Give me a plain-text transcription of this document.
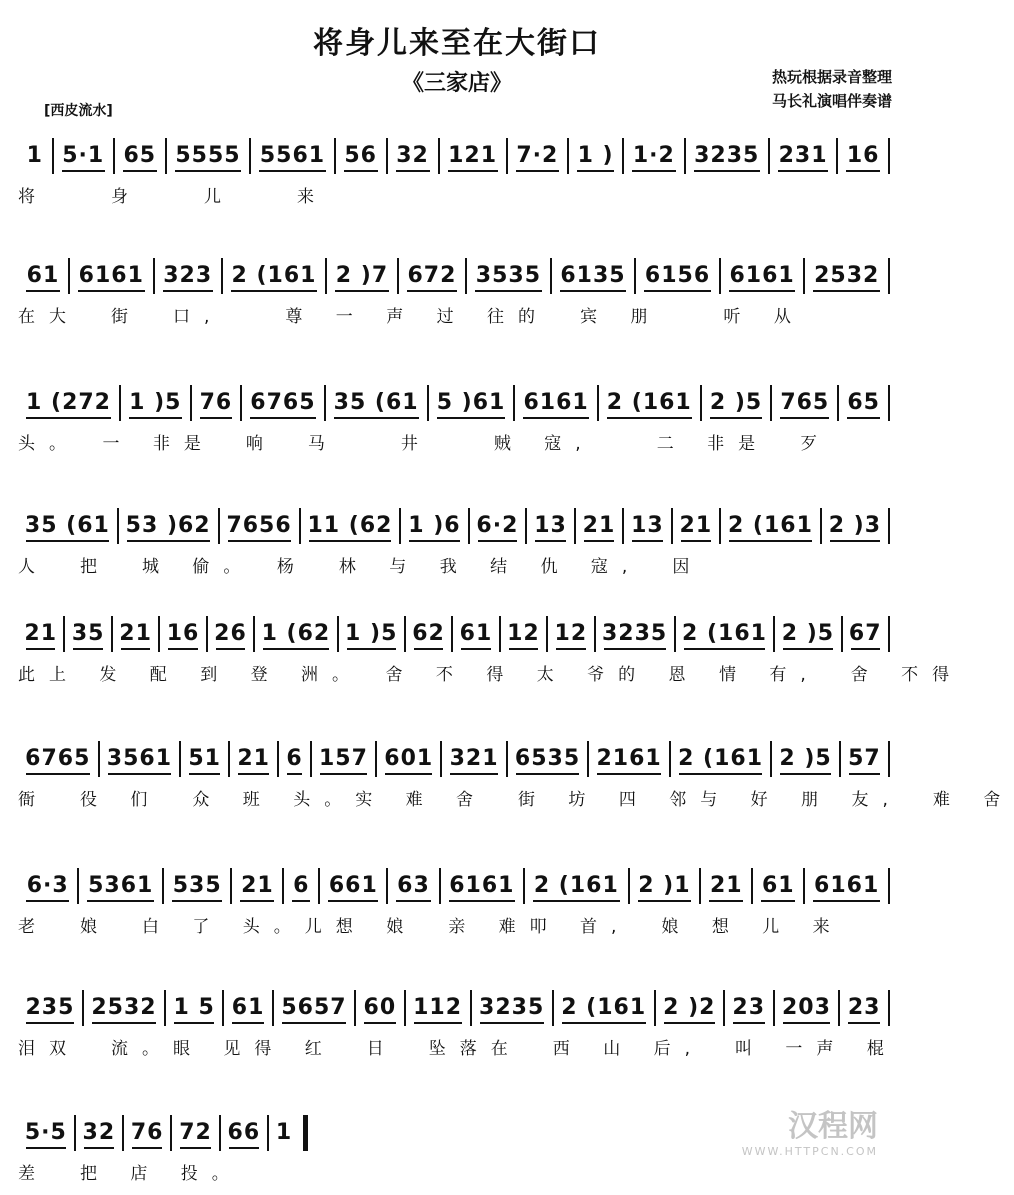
将身儿来至在大街口
《三家店》	热玩根据录音整理
马长礼演唱伴奏谱
[西皮流水]
1 5·1 65 5555 5561 56 32 121 7·2 1 ) 1·2 3235 231 16
将　　身　　儿　　来
61 6161 323 2 (161 2 )7 672 3535 6135 6156 6161 2532
在大　街　口,　　尊 一 声 过 往的　宾 朋　　听 从
1 (272 1 )5 76 6765 35 (61 5 )61 6161 2 (161 2 )5 765 65
头。　一 非是　响　马　　井　　贼 寇,　　二 非是　歹
35 (61 53 )62 7656 11 (62 1 )6 6·2 13 21 13 21 2 (161 2 )3
人　把　城 偷。　杨　林 与 我 结 仇 寇,　因
21 35 21 16 26 1 (62 1 )5 62 61 12 12 3235 2 (161 2 )5 67
此上 发 配 到 登 洲。　舍 不 得 太 爷的 恩 情 有,　舍 不得
6765 3561 51 21 6 157 601 321 6535 2161 2 (161 2 )5 57
衙　役 们　众 班 头。实 难 舍　街 坊 四 邻与 好 朋 友,　难 舍
6·3 5361 535 21 6 661 63 6161 2 (161 2 )1 21 61 6161
老　娘　白 了 头。儿想 娘　亲 难叩 首,　娘 想 儿 来
235 2532 1 5 61 5657 60 112 3235 2 (161 2 )2 23 203 23
泪双　流。眼 见得 红　日　坠落在　西 山 后,　叫 一声 棍
5·5 32 76 72 66 1
差　把 店 投。
汉程网
WWW.HTTPCN.COM
